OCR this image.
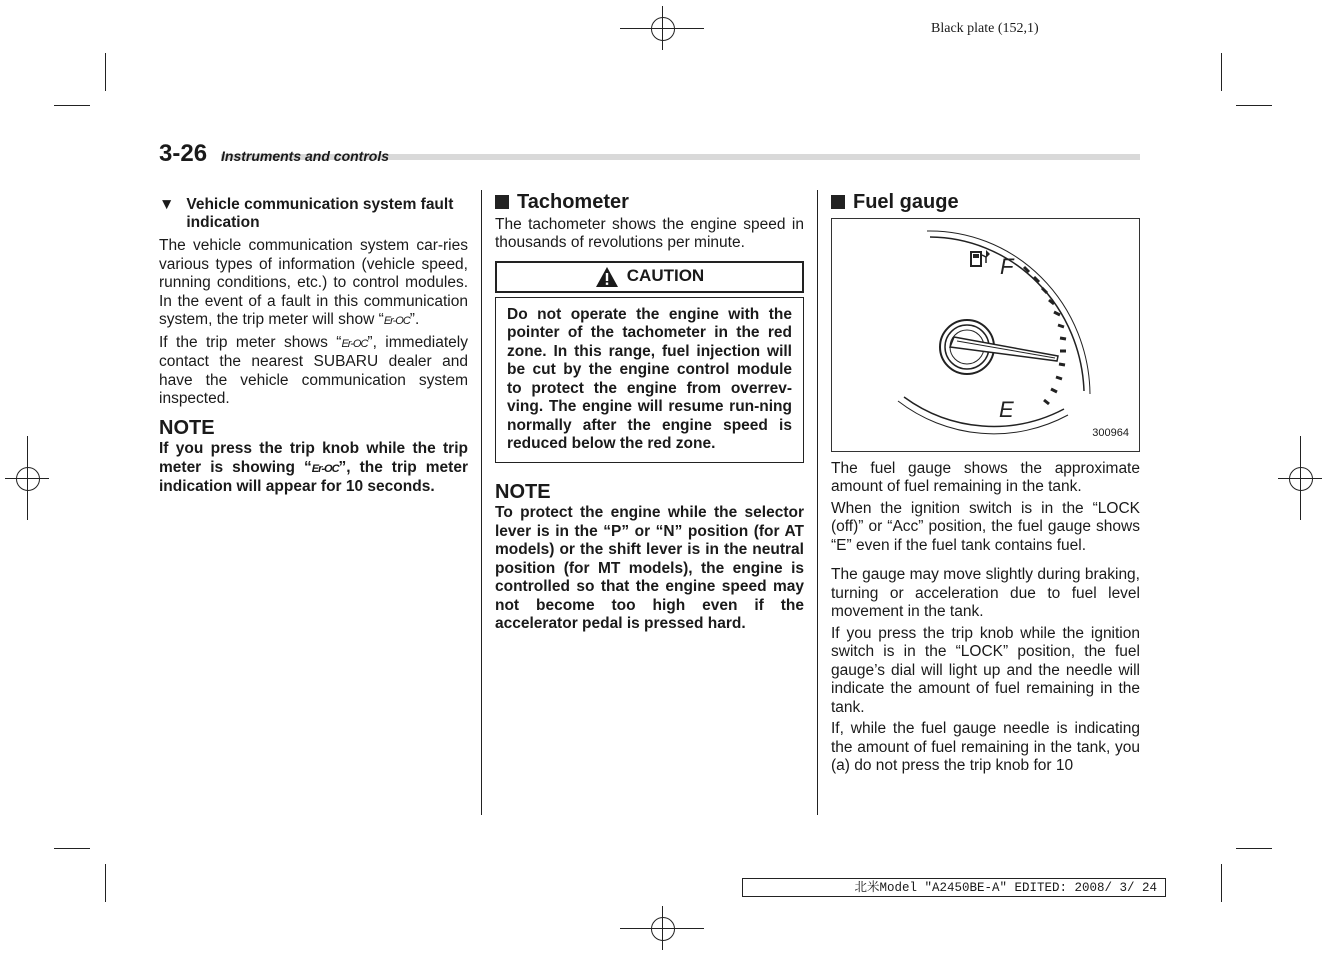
Black plate (152,1)
3-26 Instruments and controls
▼ Vehicle communication system fault indication

The vehicle communication system car-ries various types of information (vehicle speed, running conditions, etc.) to control modules. In the event of a fault in this communication system, the trip meter will show “Er-OC”.

If the trip meter shows “Er-OC”, immediately contact the nearest SUBARU dealer and have the vehicle communication system inspected.

NOTE

If you press the trip knob while the trip meter is showing “Er-OC”, the trip meter indication will appear for 10 seconds.

Tachometer

The tachometer shows the engine speed in thousands of revolutions per minute.

CAUTION
Do not operate the engine with the pointer of the tachometer in the red zone. In this range, fuel injection will be cut by the engine control module to protect the engine from overrev-ving. The engine will resume run-ning normally after the engine speed is reduced below the red zone.
NOTE

To protect the engine while the selector lever is in the “P” or “N” position (for AT models) or the shift lever is in the neutral position (for MT models), the engine is controlled so that the engine speed may not become too high even if the accelerator pedal is pressed hard.

Fuel gauge
F
E
300964

The fuel gauge shows the approximate amount of fuel remaining in the tank.

When the ignition switch is in the “LOCK (off)” or “Acc” position, the fuel gauge shows “E” even if the fuel tank contains fuel.

The gauge may move slightly during braking, turning or acceleration due to fuel level movement in the tank.

If you press the trip knob while the ignition switch is in the “LOCK” position, the fuel gauge’s dial will light up and the needle will indicate the amount of fuel remaining in the tank.

If, while the fuel gauge needle is indicating the amount of fuel remaining in the tank, you (a) do not press the trip knob for 10

北米Model "A2450BE-A" EDITED: 2008/ 3/ 24
